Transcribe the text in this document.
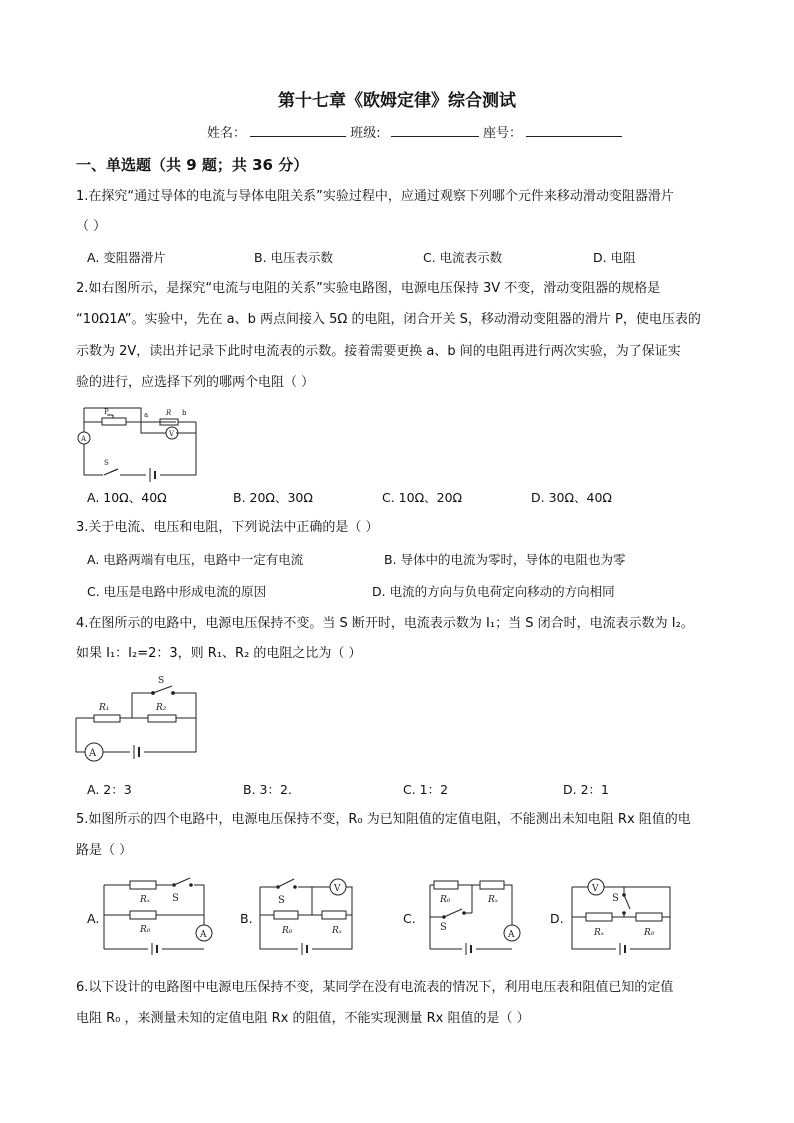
第十七章《欧姆定律》综合测试
姓名：	班级:	座号：
一、单选题（共 9 题；共 36 分）
1.在探究“通过导体的电流与导体电阻关系”实验过程中，应通过观察下列哪个元件来移动滑动变阻器滑片
（ ）
A. 变阻器滑片	B. 电压表示数	C. 电流表示数	D. 电阻
2.如右图所示，是探究“电流与电阻的关系”实验电路图，电源电压保持 3V 不变，滑动变阻器的规格是
“10Ω1A”。实验中，先在 a、b 两点间接入 5Ω 的电阻，闭合开关 S，移动滑动变阻器的滑片 P，使电压表的
示数为 2V，读出并记录下此时电流表的示数。接着需要更换 a、b 间的电阻再进行两次实验，为了保证实
验的进行，应选择下列的哪两个电阻（ ）
P	a	R b
V
A
S
A. 10Ω、40Ω	B. 20Ω、30Ω	C. 10Ω、20Ω	D. 30Ω、40Ω
3.关于电流、电压和电阻，下列说法中正确的是（ ）
A. 电路两端有电压，电路中一定有电流	B. 导体中的电流为零时，导体的电阻也为零
C. 电压是电路中形成电流的原因	D. 电流的方向与负电荷定向移动的方向相同
4.在图所示的电路中，电源电压保持不变。当 S 断开时，电流表示数为 I₁；当 S 闭合时，电流表示数为 I₂。
如果 I₁：I₂=2：3，则 R₁、R₂ 的电阻之比为（ ）
R₁	R₂
S
A
A. 2：3	B. 3：2.	C. 1：2	D. 2：1
5.如图所示的四个电路中，电源电压保持不变，R₀ 为已知阻值的定值电阻，不能测出未知电阻 Rx 阻值的电
路是（ ）
A.
Rₓ S
R₀	A
B.
S
V
R₀	Rₓ
C.
R₀	Rₓ
S
A
D.
V
S
Rₓ	R₀
6.以下设计的电路图中电源电压保持不变，某同学在没有电流表的情况下，利用电压表和阻值已知的定值
电阻 R₀ ，来测量未知的定值电阻 Rx 的阻值，不能实现测量 Rx 阻值的是（ ）
